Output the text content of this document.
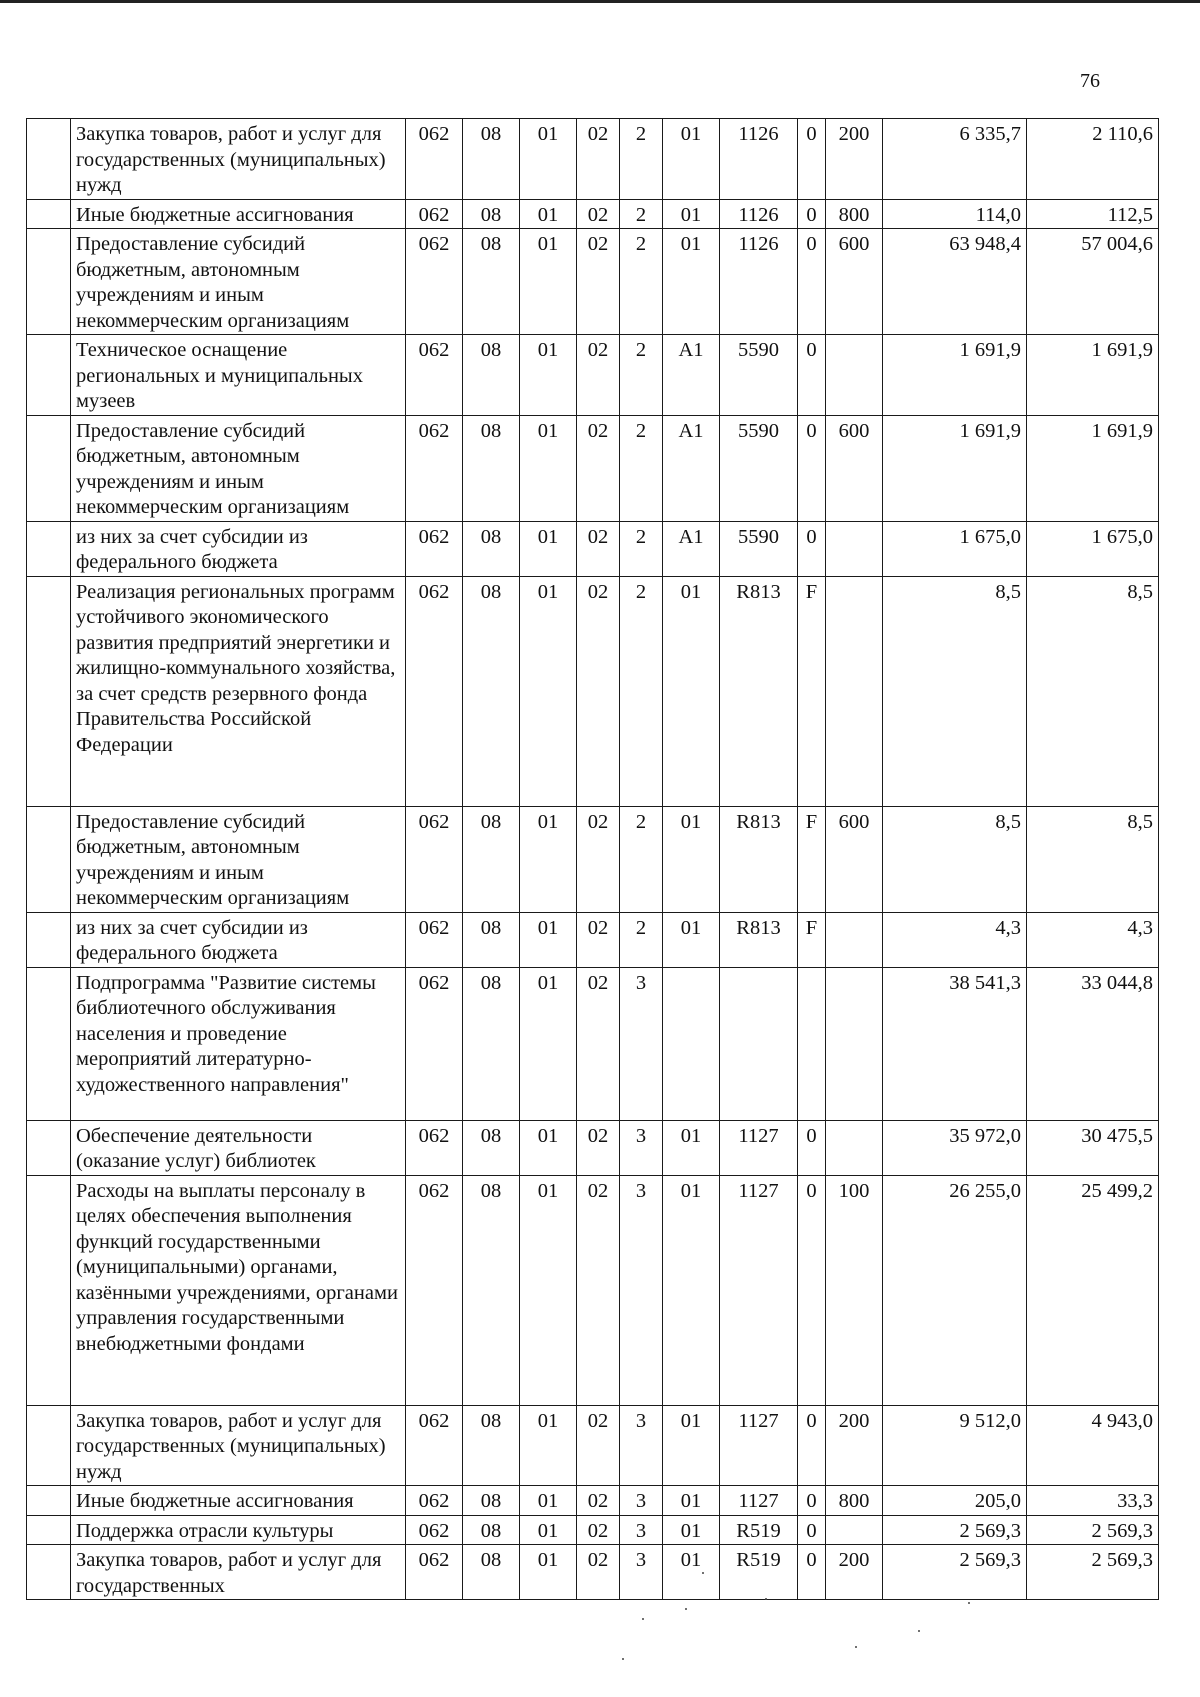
76
	Закупка товаров, работ и услуг для государственных (муниципальных) нужд	062	08	01	02	2	01	1126	0	200	6 335,7	2 110,6
	Иные бюджетные ассигнования	062	08	01	02	2	01	1126	0	800	114,0	112,5
	Предоставление субсидий бюджетным, автономным учреждениям и иным некоммерческим организациям	062	08	01	02	2	01	1126	0	600	63 948,4	57 004,6
	Техническое оснащение региональных и муниципальных музеев	062	08	01	02	2	A1	5590	0		1 691,9	1 691,9
	Предоставление субсидий бюджетным, автономным учреждениям и иным некоммерческим организациям	062	08	01	02	2	A1	5590	0	600	1 691,9	1 691,9
	из них за счет субсидии из федерального бюджета	062	08	01	02	2	A1	5590	0		1 675,0	1 675,0
	Реализация региональных программ устойчивого экономического развития предприятий энергетики и жилищно-коммунального хозяйства, за счет средств резервного фонда Правительства Российской Федерации	062	08	01	02	2	01	R813	F		8,5	8,5
	Предоставление субсидий бюджетным, автономным учреждениям и иным некоммерческим организациям	062	08	01	02	2	01	R813	F	600	8,5	8,5
	из них за счет субсидии из федерального бюджета	062	08	01	02	2	01	R813	F		4,3	4,3
	Подпрограмма "Развитие системы библиотечного обслуживания населения и проведение мероприятий литературно-художественного направления"	062	08	01	02	3					38 541,3	33 044,8
	Обеспечение деятельности (оказание услуг) библиотек	062	08	01	02	3	01	1127	0		35 972,0	30 475,5
	Расходы на выплаты персоналу в целях обеспечения выполнения функций государственными (муниципальными) органами, казёнными учреждениями, органами управления государственными внебюджетными фондами	062	08	01	02	3	01	1127	0	100	26 255,0	25 499,2
	Закупка товаров, работ и услуг для государственных (муниципальных) нужд	062	08	01	02	3	01	1127	0	200	9 512,0	4 943,0
	Иные бюджетные ассигнования	062	08	01	02	3	01	1127	0	800	205,0	33,3
	Поддержка отрасли культуры	062	08	01	02	3	01	R519	0		2 569,3	2 569,3
	Закупка товаров, работ и услуг для государственных	062	08	01	02	3	01	R519	0	200	2 569,3	2 569,3
